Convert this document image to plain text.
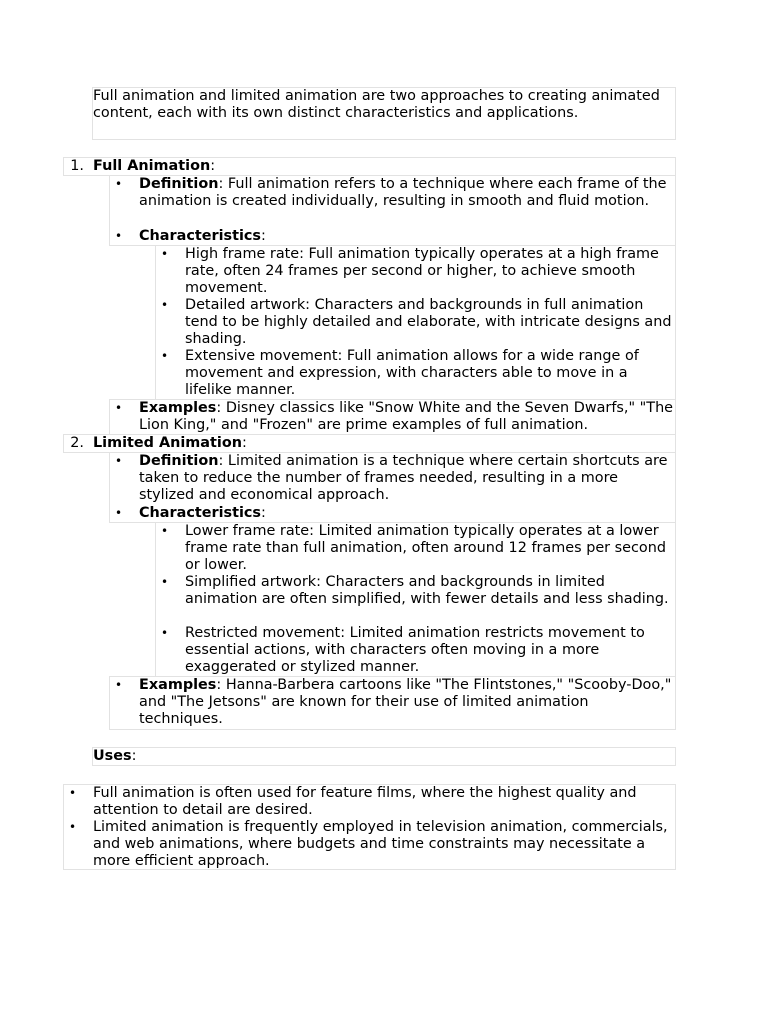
Full animation and limited animation are two approaches to creating animated content, each with its own distinct characteristics and applications.
1. Full Animation:
• Definition: Full animation refers to a technique where each frame of the animation is created individually, resulting in smooth and fluid motion.
• Characteristics:
• High frame rate: Full animation typically operates at a high frame rate, often 24 frames per second or higher, to achieve smooth movement.
• Detailed artwork: Characters and backgrounds in full animation tend to be highly detailed and elaborate, with intricate designs and shading.
• Extensive movement: Full animation allows for a wide range of movement and expression, with characters able to move in a lifelike manner.
• Examples: Disney classics like "Snow White and the Seven Dwarfs," "The Lion King," and "Frozen" are prime examples of full animation.
2. Limited Animation:
• Definition: Limited animation is a technique where certain shortcuts are taken to reduce the number of frames needed, resulting in a more stylized and economical approach.
• Characteristics:
• Lower frame rate: Limited animation typically operates at a lower frame rate than full animation, often around 12 frames per second or lower.
• Simplified artwork: Characters and backgrounds in limited animation are often simplified, with fewer details and less shading.
• Restricted movement: Limited animation restricts movement to essential actions, with characters often moving in a more exaggerated or stylized manner.
• Examples: Hanna-Barbera cartoons like "The Flintstones," "Scooby-Doo," and "The Jetsons" are known for their use of limited animation techniques.
Uses:
• Full animation is often used for feature films, where the highest quality and attention to detail are desired.
• Limited animation is frequently employed in television animation, commercials, and web animations, where budgets and time constraints may necessitate a more efficient approach.
